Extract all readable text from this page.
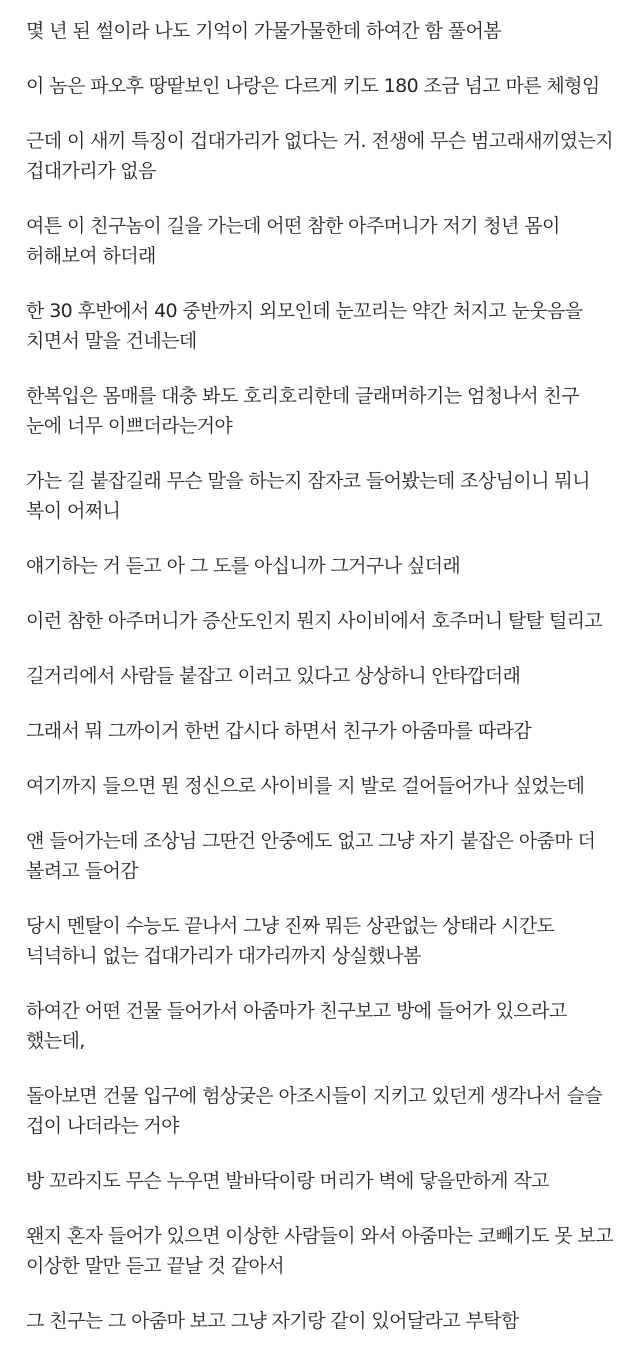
몇 년 된 썰이라 나도 기억이 가물가물한데 하여간 함 풀어봄

이 놈은 파오후 땅땉보인 나랑은 다르게 키도 180 조금 넘고 마른 체형임

근데 이 새끼 특징이 겁대가리가 없다는 거. 전생에 무슨 범고래새끼였는지 겁대가리가 없음

여튼 이 친구놈이 길을 가는데 어떤 참한 아주머니가 저기 청년 몸이 허해보여 하더래

한 30 후반에서 40 중반까지 외모인데 눈꼬리는 약간 처지고 눈웃음을 치면서 말을 건네는데

한복입은 몸매를 대충 봐도 호리호리한데 글래머하기는 엄청나서 친구 눈에 너무 이쁘더라는거야

가는 길 붙잡길래 무슨 말을 하는지 잠자코 들어봤는데 조상님이니 뭐니 복이 어쩌니

얘기하는 거 듣고 아 그 도를 아십니까 그거구나 싶더래

이런 참한 아주머니가 증산도인지 뭔지 사이비에서 호주머니 탈탈 털리고

길거리에서 사람들 붙잡고 이러고 있다고 상상하니 안타깝더래

그래서 뭐 그까이거 한번 갑시다 하면서 친구가 아줌마를 따라감

여기까지 들으면 뭔 정신으로 사이비를 지 발로 걸어들어가나 싶었는데

얜 들어가는데 조상님 그딴건 안중에도 없고 그냥 자기 붙잡은 아줌마 더 볼려고 들어감

당시 멘탈이 수능도 끝나서 그냥 진짜 뭐든 상관없는 상태라 시간도 넉넉하니 없는 겁대가리가 대가리까지 상실했나봄

하여간 어떤 건물 들어가서 아줌마가 친구보고 방에 들어가 있으라고 했는데,

돌아보면 건물 입구에 험상궂은 아조시들이 지키고 있던게 생각나서 슬슬 겁이 나더라는 거야

방 꼬라지도 무슨 누우면 발바닥이랑 머리가 벽에 닿을만하게 작고

왠지 혼자 들어가 있으면 이상한 사람들이 와서 아줌마는 코빼기도 못 보고 이상한 말만 듣고 끝날 것 같아서

그 친구는 그 아줌마 보고 그냥 자기랑 같이 있어달라고 부탁함
